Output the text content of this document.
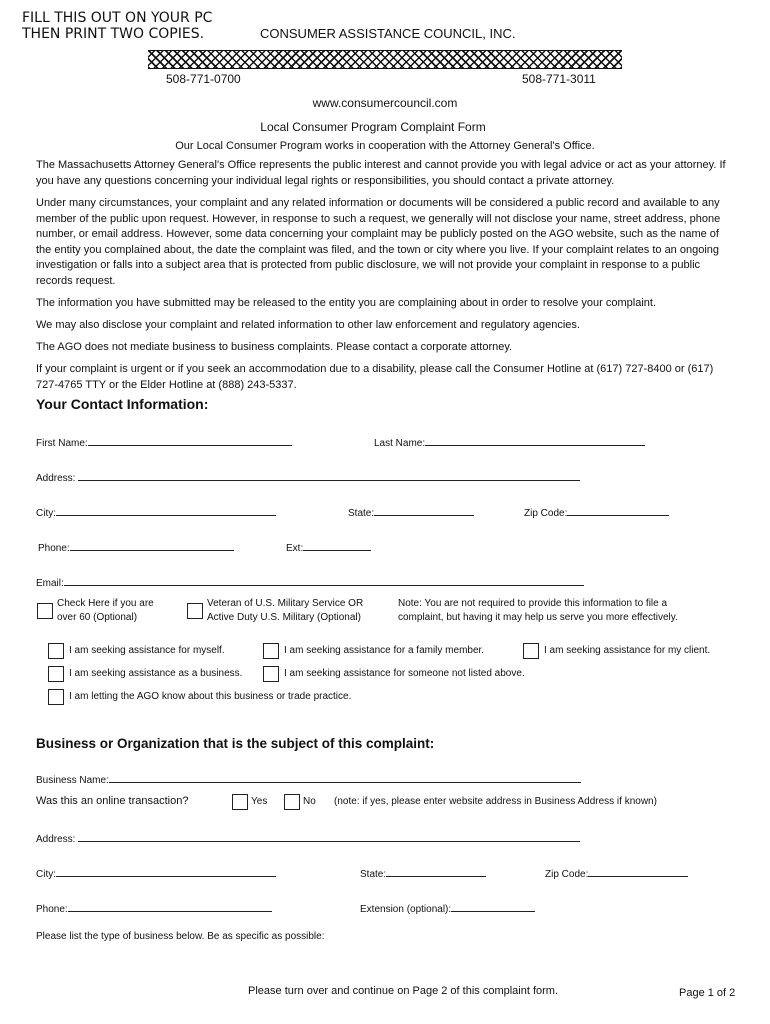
FILL THIS OUT ON YOUR PC
THEN PRINT TWO COPIES.	CONSUMER ASSISTANCE COUNCIL, INC.
508-771-0700	508-771-3011
www.consumercouncil.com
Local Consumer Program Complaint Form
Our Local Consumer Program works in cooperation with the Attorney General's Office.
The Massachusetts Attorney General's Office represents the public interest and cannot provide you with legal advice or act as your attorney. If you have any questions concerning your individual legal rights or responsibilities, you should contact a private attorney.
Under many circumstances, your complaint and any related information or documents will be considered a public record and available to any member of the public upon request. However, in response to such a request, we generally will not disclose your name, street address, phone number, or email address. However, some data concerning your complaint may be publicly posted on the AGO website, such as the name of the entity you complained about, the date the complaint was filed, and the town or city where you live. If your complaint relates to an ongoing investigation or falls into a subject area that is protected from public disclosure, we will not provide your complaint in response to a public records request.
The information you have submitted may be released to the entity you are complaining about in order to resolve your complaint.
We may also disclose your complaint and related information to other law enforcement and regulatory agencies.
The AGO does not mediate business to business complaints. Please contact a corporate attorney.
If your complaint is urgent or if you seek an accommodation due to a disability, please call the Consumer Hotline at (617) 727-8400 or (617) 727-4765 TTY or the Elder Hotline at (888) 243-5337.
Your Contact Information:
First Name:	Last Name:
Address:
City:	State:	Zip Code:
Phone:	Ext:
Email:
Check Here if you are
over 60 (Optional)
Veteran of U.S. Military Service OR
Active Duty U.S. Military (Optional)
Note: You are not required to provide this information to file a
complaint, but having it may help us serve you more effectively.
I am seeking assistance for myself.	I am seeking assistance for a family member.	I am seeking assistance for my client.
I am seeking assistance as a business.	I am seeking assistance for someone not listed above.
I am letting the AGO know about this business or trade practice.
Business or Organization that is the subject of this complaint:
Business Name:
Was this an online transaction?	Yes	No (note: if yes, please enter website address in Business Address if known)
Address:
City:	State:	Zip Code:
Phone:	Extension (optional):
Please list the type of business below. Be as specific as possible:
Please turn over and continue on Page 2 of this complaint form.	Page 1 of 2
